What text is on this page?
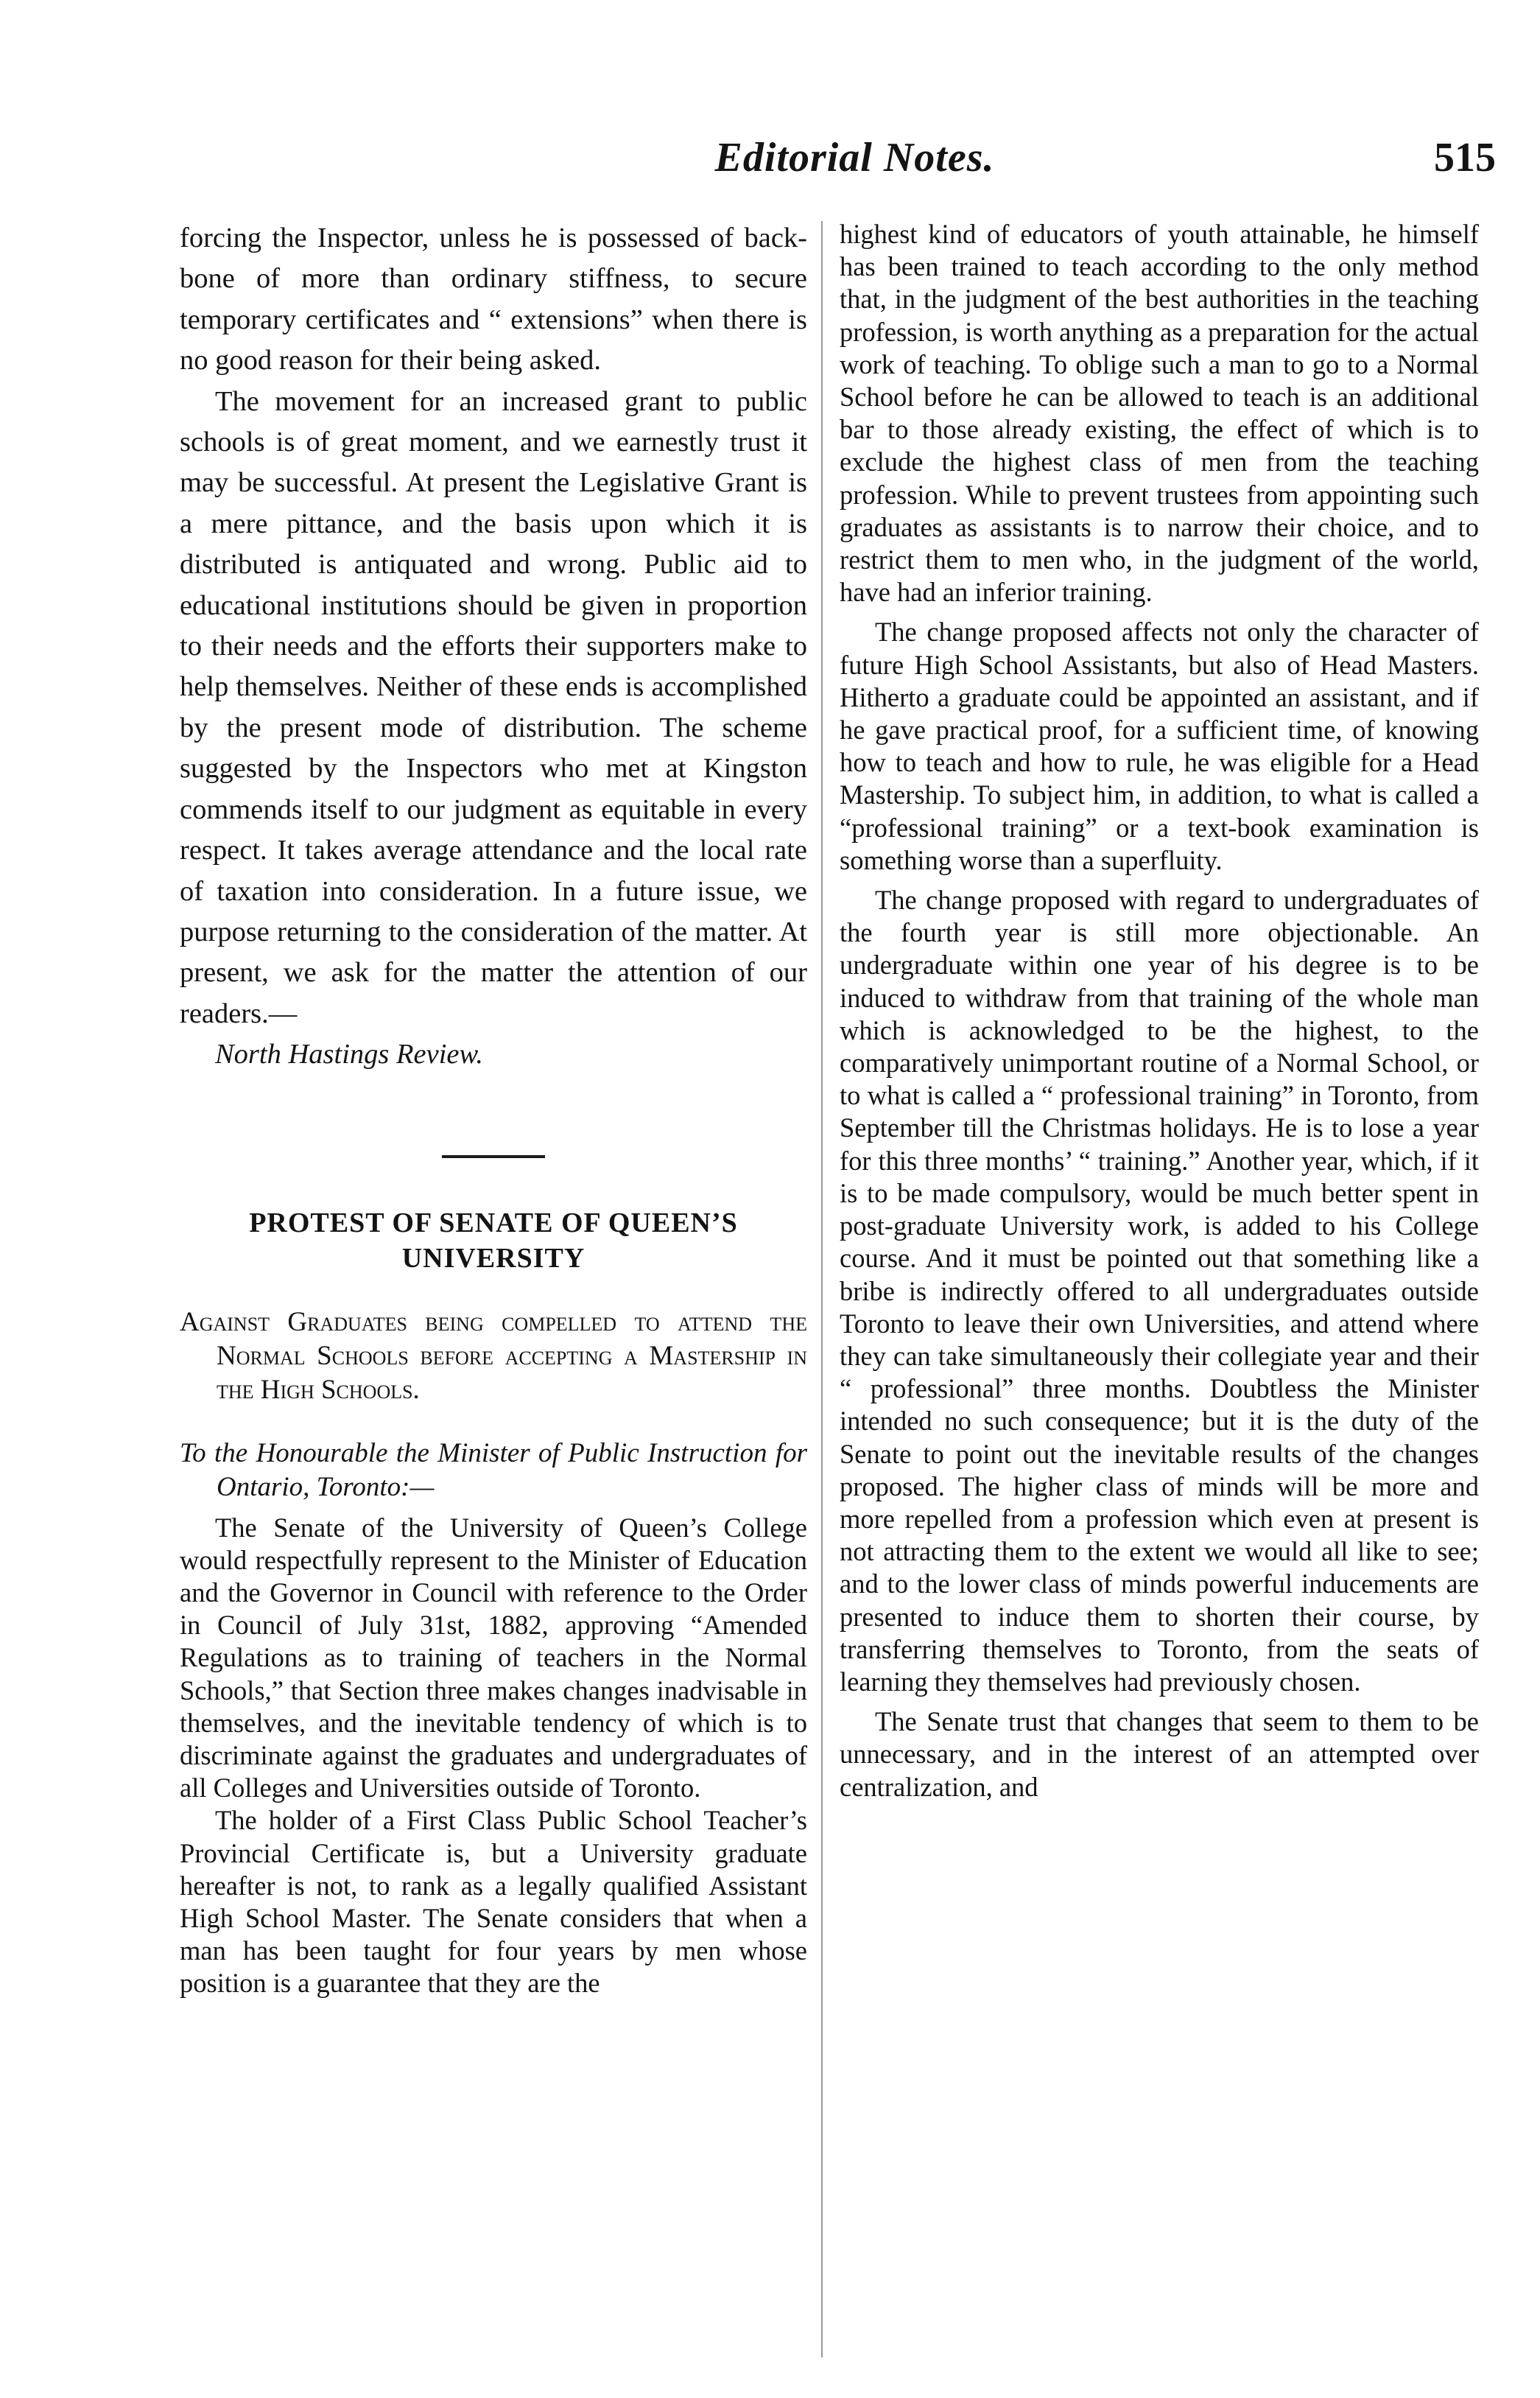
Editorial Notes.	515

forcing the Inspector, unless he is possessed of back-bone of more than ordinary stiffness, to secure temporary certificates and “ extensions” when there is no good reason for their being asked.

The movement for an increased grant to public schools is of great moment, and we earnestly trust it may be successful. At present the Legislative Grant is a mere pittance, and the basis upon which it is distributed is antiquated and wrong. Public aid to educational institutions should be given in proportion to their needs and the efforts their supporters make to help themselves. Neither of these ends is accomplished by the present mode of distribution. The scheme suggested by the Inspectors who met at Kingston commends itself to our judgment as equitable in every respect. It takes average attendance and the local rate of taxation into consideration. In a future issue, we purpose returning to the consideration of the matter. At present, we ask for the matter the attention of our readers.—

North Hastings Review.

PROTEST OF SENATE OF QUEEN’S UNIVERSITY

Against Graduates being compelled to attend the Normal Schools before accepting a Mastership in the High Schools.

To the Honourable the Minister of Public Instruction for Ontario, Toronto:—

The Senate of the University of Queen’s College would respectfully represent to the Minister of Education and the Governor in Council with reference to the Order in Council of July 31st, 1882, approving “Amended Regulations as to training of teachers in the Normal Schools,” that Section three makes changes inadvisable in themselves, and the inevitable tendency of which is to discriminate against the graduates and undergraduates of all Colleges and Universities outside of Toronto.

The holder of a First Class Public School Teacher’s Provincial Certificate is, but a University graduate hereafter is not, to rank as a legally qualified Assistant High School Master. The Senate considers that when a man has been taught for four years by men whose position is a guarantee that they are the

highest kind of educators of youth attainable, he himself has been trained to teach according to the only method that, in the judgment of the best authorities in the teaching profession, is worth anything as a preparation for the actual work of teaching. To oblige such a man to go to a Normal School before he can be allowed to teach is an additional bar to those already existing, the effect of which is to exclude the highest class of men from the teaching profession. While to prevent trustees from appointing such graduates as assistants is to narrow their choice, and to restrict them to men who, in the judgment of the world, have had an inferior training.

The change proposed affects not only the character of future High School Assistants, but also of Head Masters. Hitherto a graduate could be appointed an assistant, and if he gave practical proof, for a sufficient time, of knowing how to teach and how to rule, he was eligible for a Head Mastership. To subject him, in addition, to what is called a “professional training” or a text-book examination is something worse than a superfluity.

The change proposed with regard to undergraduates of the fourth year is still more objectionable. An undergraduate within one year of his degree is to be induced to withdraw from that training of the whole man which is acknowledged to be the highest, to the comparatively unimportant routine of a Normal School, or to what is called a “ professional training” in Toronto, from September till the Christmas holidays. He is to lose a year for this three months’ “ training.” Another year, which, if it is to be made compulsory, would be much better spent in post-graduate University work, is added to his College course. And it must be pointed out that something like a bribe is indirectly offered to all undergraduates outside Toronto to leave their own Universities, and attend where they can take simultaneously their collegiate year and their “ professional” three months. Doubtless the Minister intended no such consequence; but it is the duty of the Senate to point out the inevitable results of the changes proposed. The higher class of minds will be more and more repelled from a profession which even at present is not attracting them to the extent we would all like to see; and to the lower class of minds powerful inducements are presented to induce them to shorten their course, by transferring themselves to Toronto, from the seats of learning they themselves had previously chosen.

The Senate trust that changes that seem to them to be unnecessary, and in the interest of an attempted over centralization, and
